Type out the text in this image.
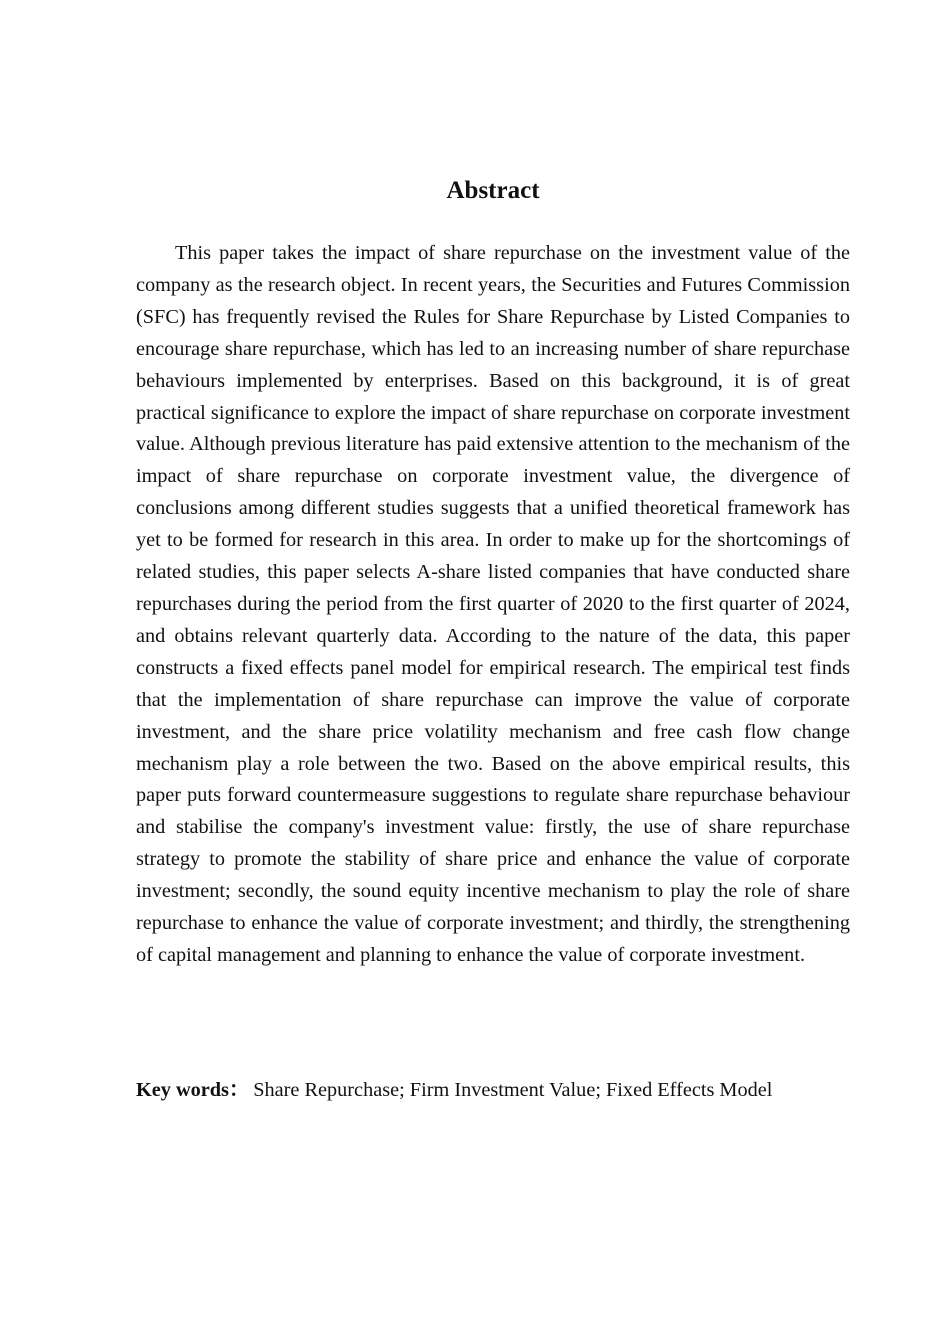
Abstract

This paper takes the impact of share repurchase on the investment value of the company as the research object. In recent years, the Securities and Futures Commission (SFC) has frequently revised the Rules for Share Repurchase by Listed Companies to encourage share repurchase, which has led to an increasing number of share repurchase behaviours implemented by enterprises. Based on this background, it is of great practical significance to explore the impact of share repurchase on corporate investment value. Although previous literature has paid extensive attention to the mechanism of the impact of share repurchase on corporate investment value, the divergence of conclusions among different studies suggests that a unified theoretical framework has yet to be formed for research in this area. In order to make up for the shortcomings of related studies, this paper selects A-share listed companies that have conducted share repurchases during the period from the first quarter of 2020 to the first quarter of 2024, and obtains relevant quarterly data. According to the nature of the data, this paper constructs a fixed effects panel model for empirical research. The empirical test finds that the implementation of share repurchase can improve the value of corporate investment, and the share price volatility mechanism and free cash flow change mechanism play a role between the two. Based on the above empirical results, this paper puts forward countermeasure suggestions to regulate share repurchase behaviour and stabilise the company's investment value: firstly, the use of share repurchase strategy to promote the stability of share price and enhance the value of corporate investment; secondly, the sound equity incentive mechanism to play the role of share repurchase to enhance the value of corporate investment; and thirdly, the strengthening of capital management and planning to enhance the value of corporate investment.

Key words： Share Repurchase; Firm Investment Value; Fixed Effects Model
